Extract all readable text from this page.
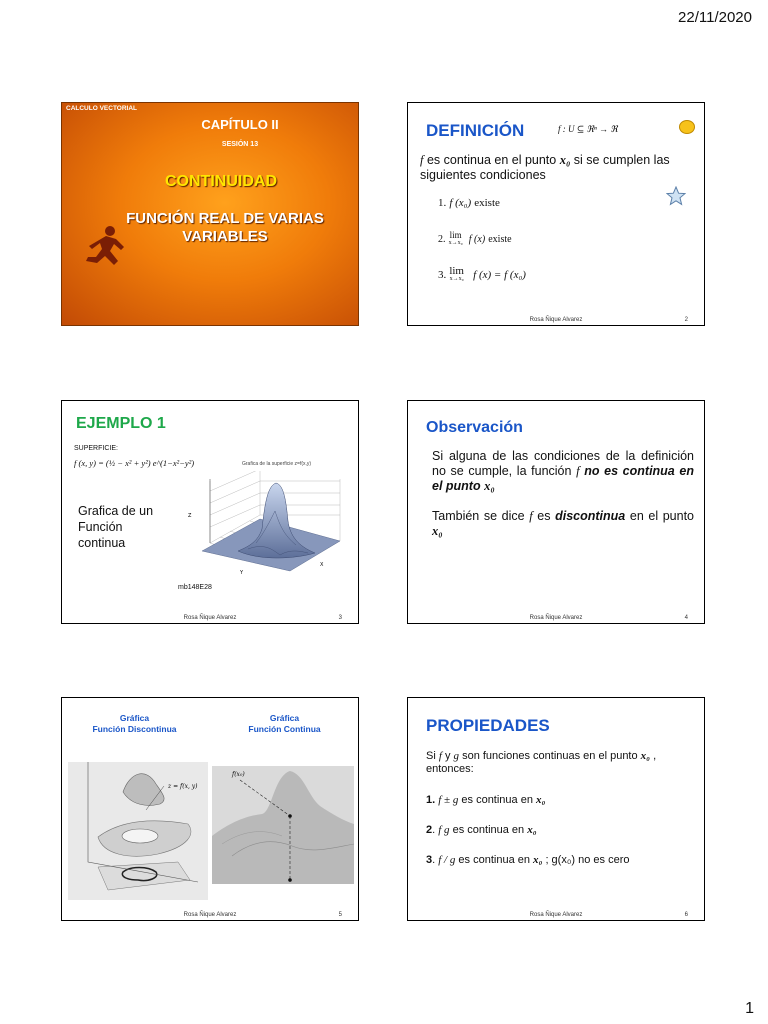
22/11/2020
1
CALCULO VECTORIAL
CAPÍTULO II
SESIÓN 13
CONTINUIDAD
FUNCIÓN REAL DE VARIAS
VARIABLES
DEFINICIÓN	f : U ⊆ ℜⁿ → ℜ
f es continua en el punto x₀ si se cumplen las siguientes condiciones
1. f (x₀) existe
2. lim
x→x₀ f (x) existe
3. lim
x→x₀ f (x) = f (x₀)
Rosa Ñique Alvarez	2
EJEMPLO 1
SUPERFICIE:
f (x, y) = (½ − x² + y²) e^(1−x²−y²)	Grafica de la superficie z=f(x,y)
Z
Y
X
Grafica de un
Función
continua
mb148E28
Rosa Ñique Alvarez	3
Observación
Si alguna de las condiciones de la definición no se cumple, la función f no es continua en el punto x₀
También se dice f es discontinua en el punto x₀
Rosa Ñique Alvarez	4
Gráfica
Función Discontinua
Gráfica
Función Continua
z = f(x, y)
f(x₀)
Rosa Ñique Alvarez	5
PROPIEDADES
Si f y g son funciones continuas en el punto x₀ , entonces:
1. f ± g es continua en x₀
2. f g es continua en x₀
3. f / g es continua en x₀ ; g(x₀) no es cero
Rosa Ñique Alvarez	6
